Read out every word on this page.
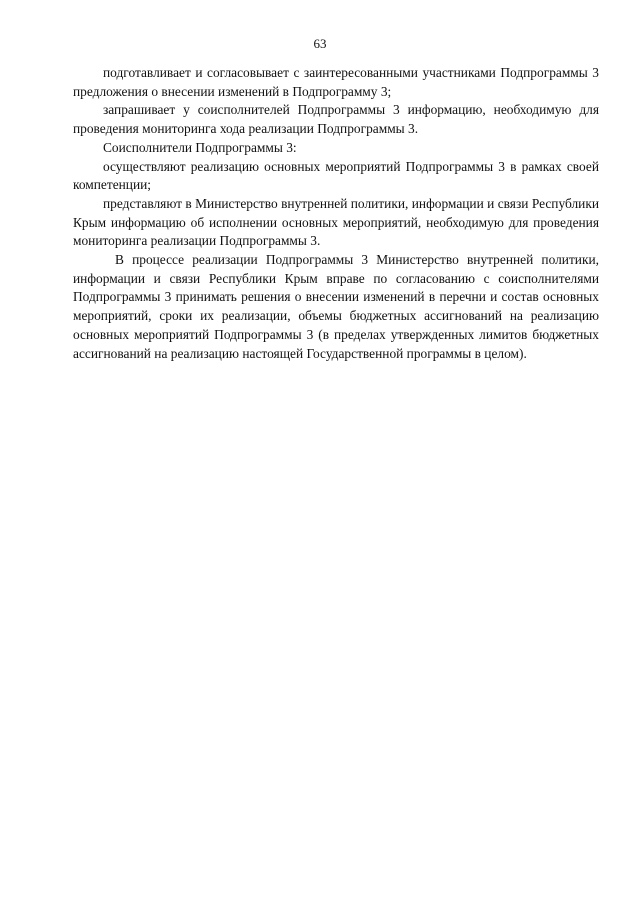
63

подготавливает и согласовывает с заинтересованными участниками Подпрограммы 3 предложения о внесении изменений в Подпрограмму 3;

запрашивает у соисполнителей Подпрограммы 3 информацию, необходимую для проведения мониторинга хода реализации Подпрограммы 3.

Соисполнители Подпрограммы 3:

осуществляют реализацию основных мероприятий Подпрограммы 3 в рамках своей компетенции;

представляют в Министерство внутренней политики, информации и связи Республики Крым информацию об исполнении основных мероприятий, необходимую для проведения мониторинга реализации Подпрограммы 3.

В процессе реализации Подпрограммы 3 Министерство внутренней политики, информации и связи Республики Крым вправе по согласованию с соисполнителями Подпрограммы 3 принимать решения о внесении изменений в перечни и состав основных мероприятий, сроки их реализации, объемы бюджетных ассигнований на реализацию основных мероприятий Подпрограммы 3 (в пределах утвержденных лимитов бюджетных ассигнований на реализацию настоящей Государственной программы в целом).
